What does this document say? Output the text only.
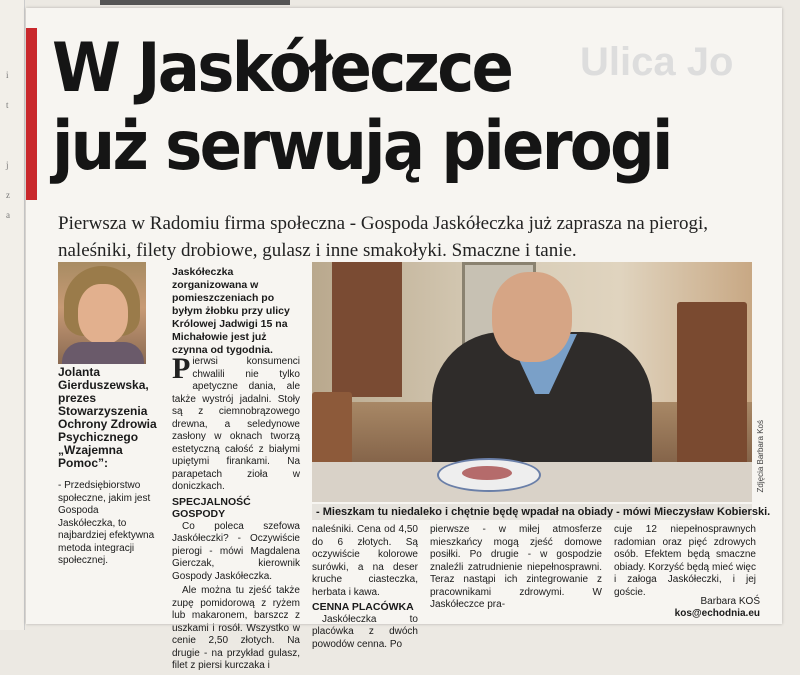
i
t
j
z
a
Ulica Jo
W Jaskółeczce
już serwują pierogi
Pierwsza w Radomiu firma społeczna - Gospoda Jaskółeczka już zaprasza na pierogi, naleśniki, filety drobiowe, gulasz i inne smakołyki. Smaczne i tanie.
Jolanta Gierduszewska, prezes Stowarzyszenia Ochrony Zdrowia Psychicznego „Wzajemna Pomoc”:
- Przedsiębiorstwo społeczne, jakim jest Gospoda Jaskółeczka, to najbardziej efektywna metoda integracji społecznej.
Jaskółeczka zorganizowana w pomieszczeniach po byłym żłobku przy ulicy Królowej Jadwigi 15 na Michałowie jest już czynna od tygodnia.

Pierwsi konsumenci chwalili nie tylko apetyczne dania, ale także wystrój jadalni. Stoły są z ciemnobrązowego drewna, a seledynowe zasłony w oknach tworzą estetyczną całość z białymi upiętymi firankami. Na parapetach zioła w doniczkach.

SPECJALNOŚĆ GOSPODY

Co poleca szefowa Jaskółeczki? - Oczywiście pierogi - mówi Magdalena Gierczak, kierownik Gospody Jaskółeczka.

Ale można tu zjeść także zupę pomidorową z ryżem lub makaronem, barszcz z uszkami i rosół. Wszystko w cenie 2,50 złotych. Na drugie - na przykład gulasz, filet z piersi kurczaka i

Zdjęcia Barbara Koś
- Mieszkam tu niedaleko i chętnie będę wpadał na obiady - mówi Mieczysław Kobierski.

naleśniki. Cena od 4,50 do 6 złotych. Są oczywiście kolorowe surówki, a na deser kruche ciasteczka, herbata i kawa.

CENNA PLACÓWKA

Jaskółeczka to placówka z dwóch powodów cenna. Po

pierwsze - w miłej atmosferze mieszkańcy mogą zjeść domowe posiłki. Po drugie - w gospodzie znaleźli zatrudnienie niepełnosprawni. Teraz nastąpi ich zintegrowanie z pracownikami zdrowymi. W Jaskółeczce pra-

cuje 12 niepełnosprawnych radomian oraz pięć zdrowych osób. Efektem będą smaczne obiady. Korzyść będą mieć więc i załoga Jaskółeczki, i jej goście.

Barbara KOŚ
kos@echodnia.eu
